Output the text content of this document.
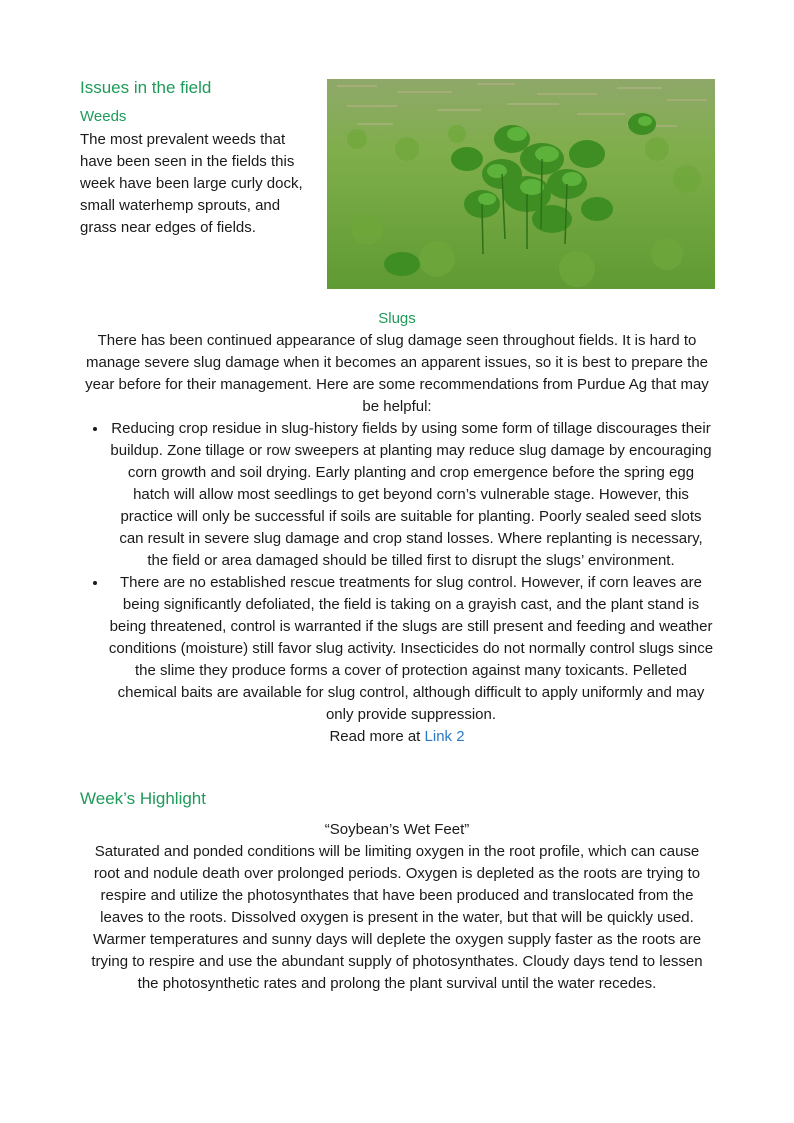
Issues in the field
Weeds

The most prevalent weeds that have been seen in the fields this week have been large curly dock, small waterhemp sprouts, and grass near edges of fields.

Slugs

There has been continued appearance of slug damage seen throughout fields. It is hard to manage severe slug damage when it becomes an apparent issues, so it is best to prepare the year before for their management. Here are some recommendations from Purdue Ag that may be helpful:

• Reducing crop residue in slug-history fields by using some form of tillage discourages their buildup. Zone tillage or row sweepers at planting may reduce slug damage by encouraging corn growth and soil drying. Early planting and crop emergence before the spring egg hatch will allow most seedlings to get beyond corn’s vulnerable stage. However, this practice will only be successful if soils are suitable for planting. Poorly sealed seed slots can result in severe slug damage and crop stand losses. Where replanting is necessary, the field or area damaged should be tilled first to disrupt the slugs’ environment.
• There are no established rescue treatments for slug control. However, if corn leaves are being significantly defoliated, the field is taking on a grayish cast, and the plant stand is being threatened, control is warranted if the slugs are still present and feeding and weather conditions (moisture) still favor slug activity. Insecticides do not normally control slugs since the slime they produce forms a cover of protection against many toxicants. Pelleted chemical baits are available for slug control, although difficult to apply uniformly and may only provide suppression.

Read more at Link 2

Week’s Highlight

“Soybean’s Wet Feet”

Saturated and ponded conditions will be limiting oxygen in the root profile, which can cause root and nodule death over prolonged periods. Oxygen is depleted as the roots are trying to respire and utilize the photosynthates that have been produced and translocated from the leaves to the roots. Dissolved oxygen is present in the water, but that will be quickly used. Warmer temperatures and sunny days will deplete the oxygen supply faster as the roots are trying to respire and use the abundant supply of photosynthates. Cloudy days tend to lessen the photosynthetic rates and prolong the plant survival until the water recedes.
